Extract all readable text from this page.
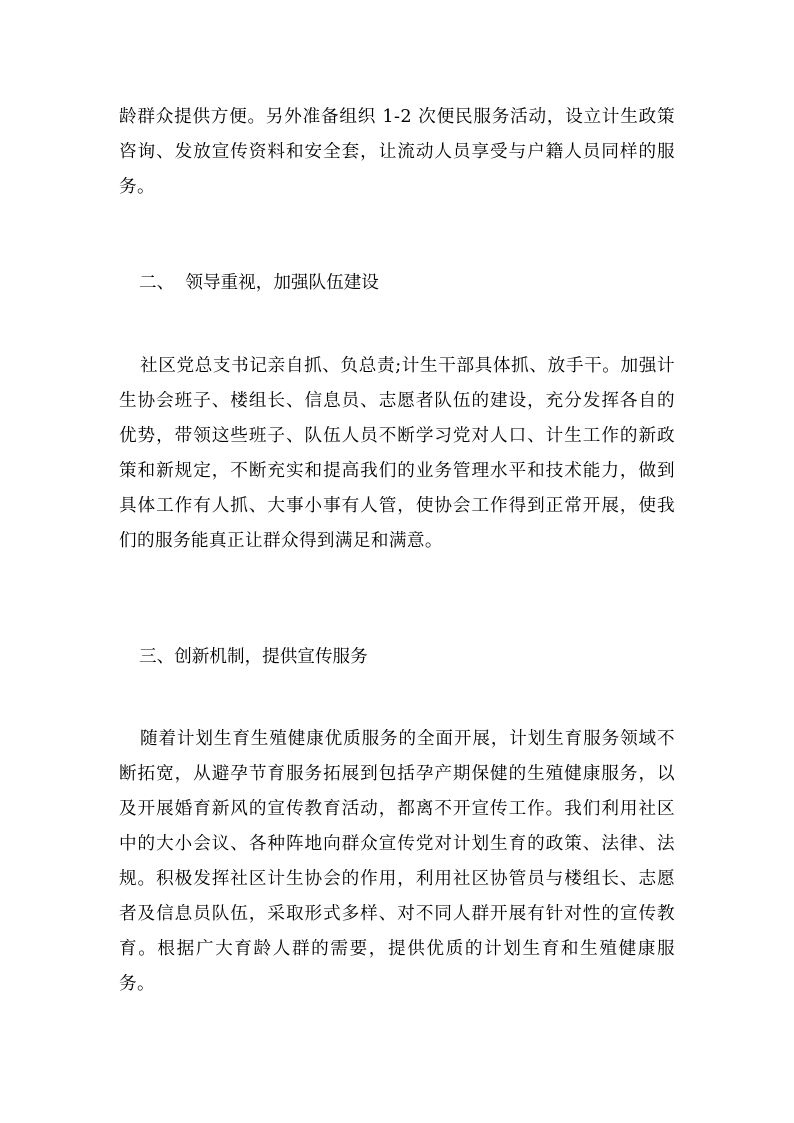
龄群众提供方便。另外准备组织 1-2 次便民服务活动，设立计生政策咨询、发放宣传资料和安全套，让流动人员享受与户籍人员同样的服务。

二、  领导重视，加强队伍建设

社区党总支书记亲自抓、负总责;计生干部具体抓、放手干。加强计生协会班子、楼组长、信息员、志愿者队伍的建设，充分发挥各自的优势，带领这些班子、队伍人员不断学习党对人口、计生工作的新政策和新规定，不断充实和提高我们的业务管理水平和技术能力，做到具体工作有人抓、大事小事有人管，使协会工作得到正常开展，使我们的服务能真正让群众得到满足和满意。

三、创新机制，提供宣传服务

随着计划生育生殖健康优质服务的全面开展，计划生育服务领域不断拓宽，从避孕节育服务拓展到包括孕产期保健的生殖健康服务，以及开展婚育新风的宣传教育活动，都离不开宣传工作。我们利用社区中的大小会议、各种阵地向群众宣传党对计划生育的政策、法律、法规。积极发挥社区计生协会的作用，利用社区协管员与楼组长、志愿者及信息员队伍，采取形式多样、对不同人群开展有针对性的宣传教育。根据广大育龄人群的需要，提供优质的计划生育和生殖健康服务。
